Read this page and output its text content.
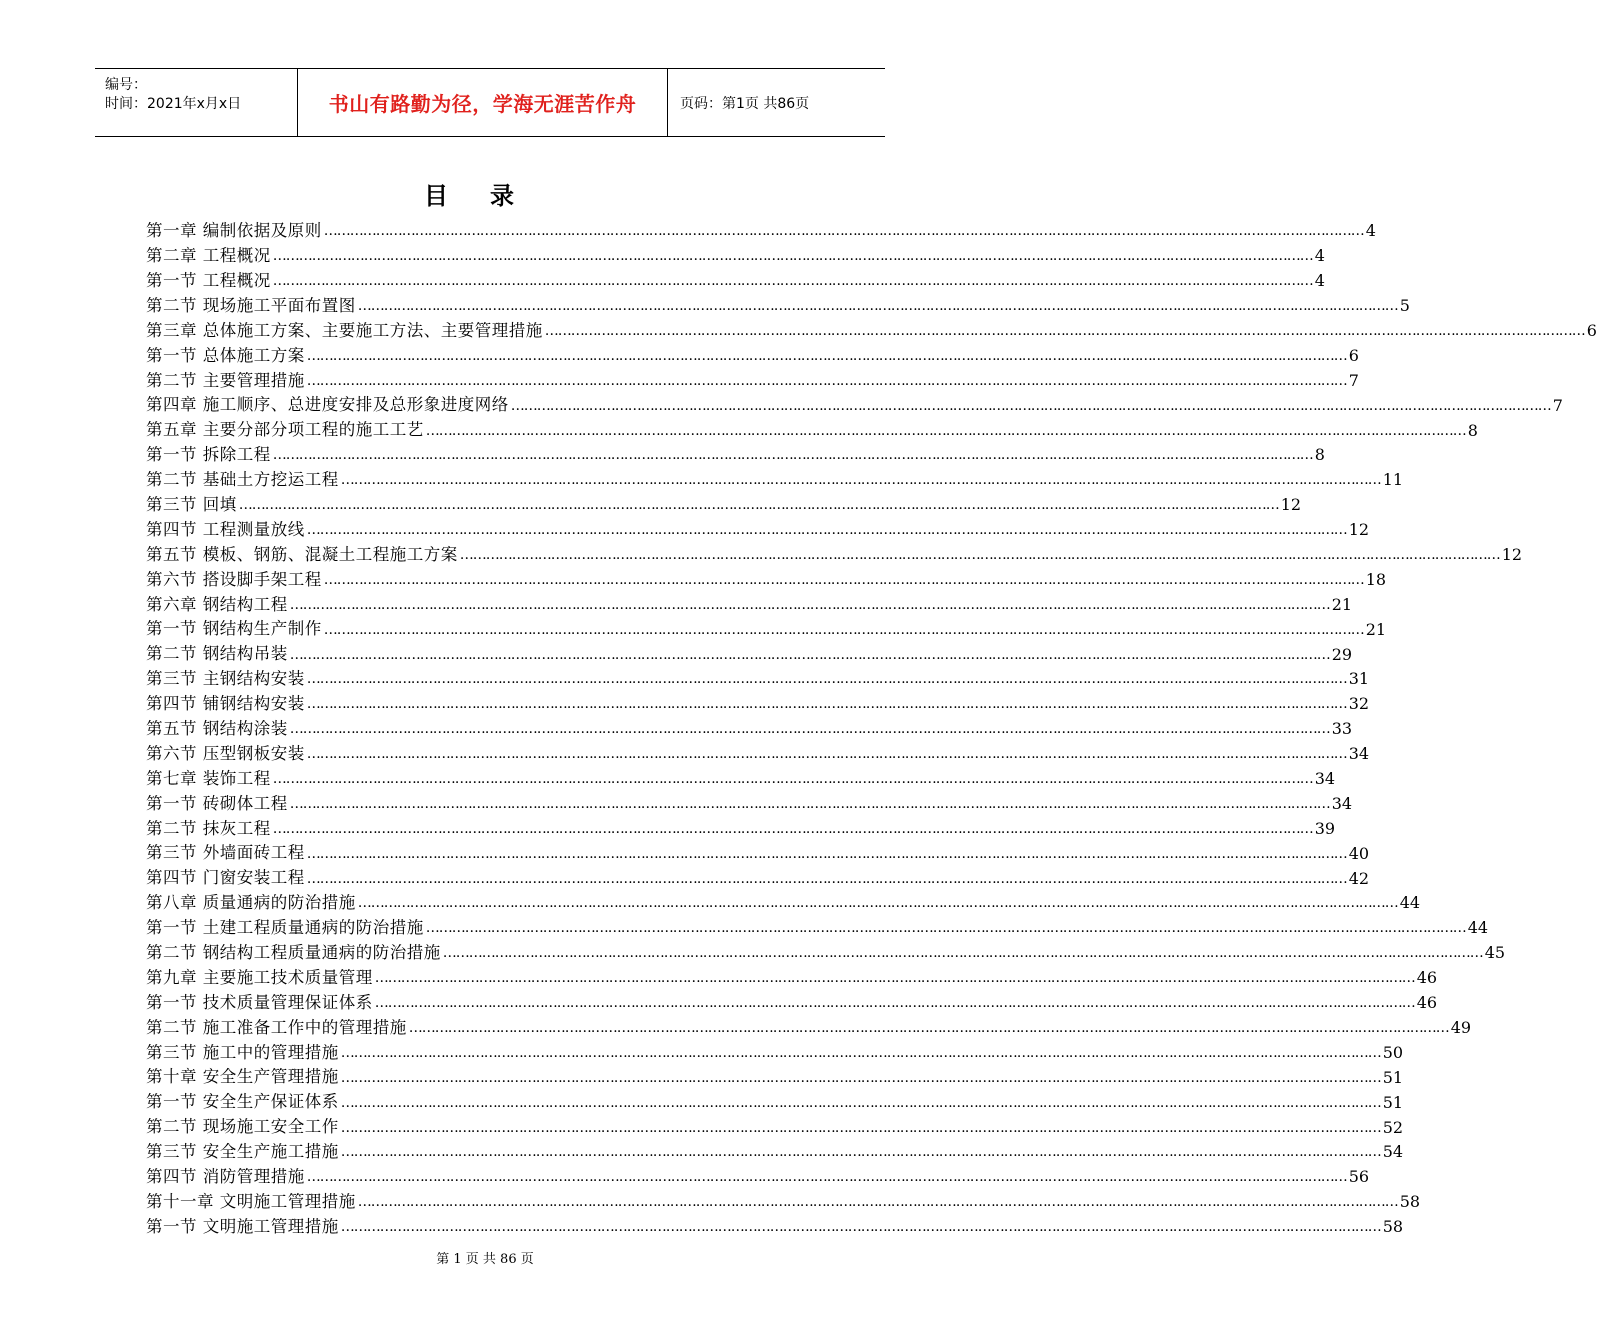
编号：
时间：2021年x月x日	书山有路勤为径，学海无涯苦作舟	页码：第1页 共86页
目录
第一章 编制依据及原则 …………………………………………………………………………………………………………………………………………………………………………………………………………………… 4
第二章 工程概况 …………………………………………………………………………………………………………………………………………………………………………………………………………………… 4
第一节 工程概况 …………………………………………………………………………………………………………………………………………………………………………………………………………………… 4
第二节 现场施工平面布置图 …………………………………………………………………………………………………………………………………………………………………………………………………………………… 5
第三章 总体施工方案、主要施工方法、主要管理措施 …………………………………………………………………………………………………………………………………………………………………………………………………………………… 6
第一节 总体施工方案 …………………………………………………………………………………………………………………………………………………………………………………………………………………… 6
第二节 主要管理措施 …………………………………………………………………………………………………………………………………………………………………………………………………………………… 7
第四章 施工顺序、总进度安排及总形象进度网络 …………………………………………………………………………………………………………………………………………………………………………………………………………………… 7
第五章 主要分部分项工程的施工工艺 …………………………………………………………………………………………………………………………………………………………………………………………………………………… 8
第一节 拆除工程 …………………………………………………………………………………………………………………………………………………………………………………………………………………… 8
第二节 基础土方挖运工程 …………………………………………………………………………………………………………………………………………………………………………………………………………………… 11
第三节 回填 …………………………………………………………………………………………………………………………………………………………………………………………………………………… 12
第四节 工程测量放线 …………………………………………………………………………………………………………………………………………………………………………………………………………………… 12
第五节 模板、钢筋、混凝土工程施工方案 …………………………………………………………………………………………………………………………………………………………………………………………………………………… 12
第六节 搭设脚手架工程 …………………………………………………………………………………………………………………………………………………………………………………………………………………… 18
第六章 钢结构工程 …………………………………………………………………………………………………………………………………………………………………………………………………………………… 21
第一节 钢结构生产制作 …………………………………………………………………………………………………………………………………………………………………………………………………………………… 21
第二节 钢结构吊装 …………………………………………………………………………………………………………………………………………………………………………………………………………………… 29
第三节 主钢结构安装 …………………………………………………………………………………………………………………………………………………………………………………………………………………… 31
第四节 铺钢结构安装 …………………………………………………………………………………………………………………………………………………………………………………………………………………… 32
第五节 钢结构涂装 …………………………………………………………………………………………………………………………………………………………………………………………………………………… 33
第六节 压型钢板安装 …………………………………………………………………………………………………………………………………………………………………………………………………………………… 34
第七章 装饰工程 …………………………………………………………………………………………………………………………………………………………………………………………………………………… 34
第一节 砖砌体工程 …………………………………………………………………………………………………………………………………………………………………………………………………………………… 34
第二节 抹灰工程 …………………………………………………………………………………………………………………………………………………………………………………………………………………… 39
第三节 外墙面砖工程 …………………………………………………………………………………………………………………………………………………………………………………………………………………… 40
第四节 门窗安装工程 …………………………………………………………………………………………………………………………………………………………………………………………………………………… 42
第八章 质量通病的防治措施 …………………………………………………………………………………………………………………………………………………………………………………………………………………… 44
第一节 土建工程质量通病的防治措施 …………………………………………………………………………………………………………………………………………………………………………………………………………………… 44
第二节 钢结构工程质量通病的防治措施 …………………………………………………………………………………………………………………………………………………………………………………………………………………… 45
第九章 主要施工技术质量管理 …………………………………………………………………………………………………………………………………………………………………………………………………………………… 46
第一节 技术质量管理保证体系 …………………………………………………………………………………………………………………………………………………………………………………………………………………… 46
第二节 施工准备工作中的管理措施 …………………………………………………………………………………………………………………………………………………………………………………………………………………… 49
第三节 施工中的管理措施 …………………………………………………………………………………………………………………………………………………………………………………………………………………… 50
第十章 安全生产管理措施 …………………………………………………………………………………………………………………………………………………………………………………………………………………… 51
第一节 安全生产保证体系 …………………………………………………………………………………………………………………………………………………………………………………………………………………… 51
第二节 现场施工安全工作 …………………………………………………………………………………………………………………………………………………………………………………………………………………… 52
第三节 安全生产施工措施 …………………………………………………………………………………………………………………………………………………………………………………………………………………… 54
第四节 消防管理措施 …………………………………………………………………………………………………………………………………………………………………………………………………………………… 56
第十一章 文明施工管理措施 …………………………………………………………………………………………………………………………………………………………………………………………………………………… 58
第一节 文明施工管理措施 …………………………………………………………………………………………………………………………………………………………………………………………………………………… 58
第 1 页 共 86 页
